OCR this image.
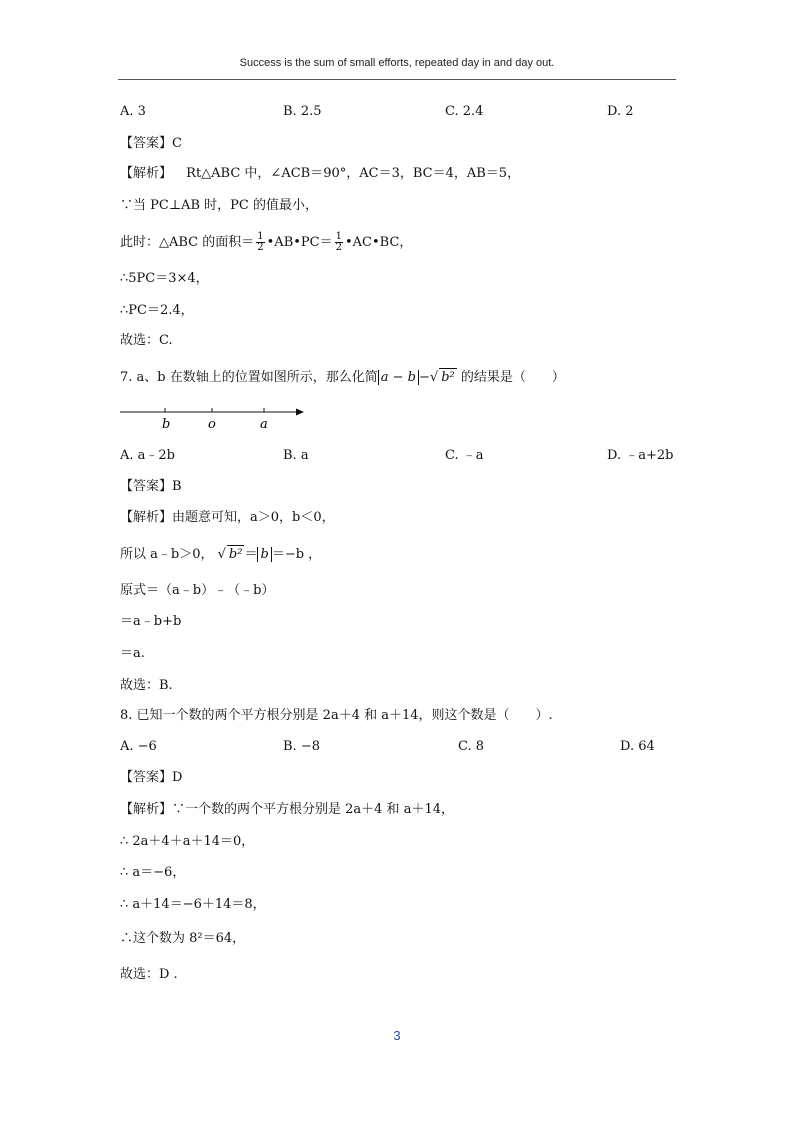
Success is the sum of small efforts, repeated day in and day out.
A. 3	B. 2.5	C. 2.4	D. 2
【答案】C
【解析】 Rt△ABC 中，∠ACB＝90°，AC＝3，BC＝4，AB＝5，
∵当 PC⊥AB 时，PC 的值最小，
此时：△ABC 的面积＝ $\frac{1}{2}$ •AB•PC＝ $\frac{1}{2}$ •AC•BC，
∴5PC＝3×4，
∴PC＝2.4，
故选：C.
7. a、b 在数轴上的位置如图所示，那么化简 a − b −√ b² 的结果是（　　）
b	o	a
A. a﹣2b	B. a	C. ﹣a	D. ﹣a+2b
【答案】B
【解析】由题意可知，a＞0，b＜0，
所以 a﹣b＞0， √ b² ＝ b ＝−b ，
原式＝（a﹣b）﹣（﹣b）
＝a﹣b+b
＝a.
故选：B.
8. 已知一个数的两个平方根分别是 2a＋4 和 a＋14，则这个数是（　　）.
A. −6	B. −8	C. 8	D. 64
【答案】D
【解析】∵一个数的两个平方根分别是 2a＋4 和 a＋14，
∴ 2a＋4＋a＋14＝0，
∴ a＝−6，
∴ a＋14＝−6＋14＝8，
∴这个数为 8²＝64，
故选：D .
3
